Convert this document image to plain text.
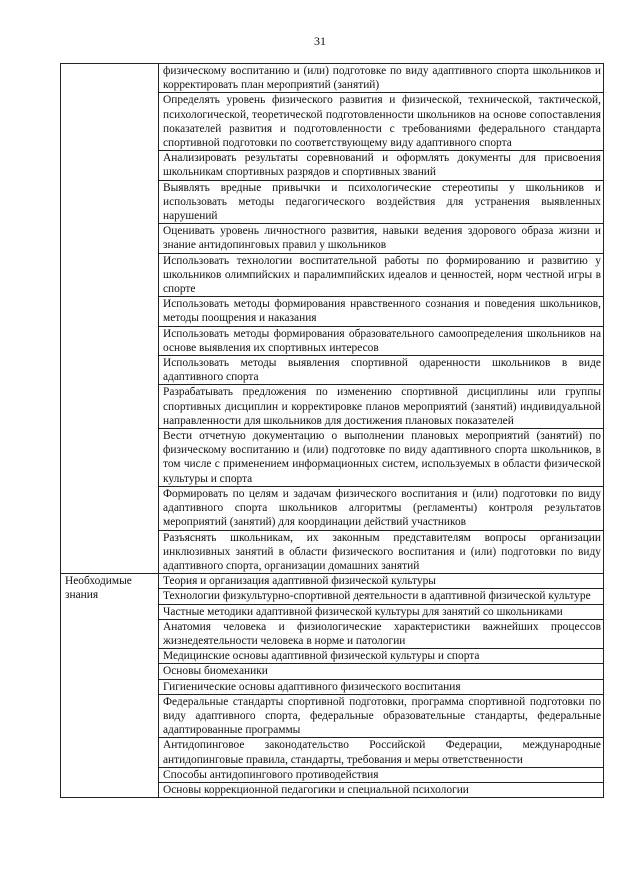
31
	физическому воспитанию и (или) подготовке по виду адаптивного спорта школьников и корректировать план мероприятий (занятий)
	Определять уровень физического развития и физической, технической, тактической, психологической, теоретической подготовленности школьников на основе сопоставления показателей развития и подготовленности с требованиями федерального стандарта спортивной подготовки по соответствующему виду адаптивного спорта
	Анализировать результаты соревнований и оформлять документы для присвоения школьникам спортивных разрядов и спортивных званий
	Выявлять вредные привычки и психологические стереотипы у школьников и использовать методы педагогического воздействия для устранения выявленных нарушений
	Оценивать уровень личностного развития, навыки ведения здорового образа жизни и знание антидопинговых правил у школьников
	Использовать технологии воспитательной работы по формированию и развитию у школьников олимпийских и паралимпийских идеалов и ценностей, норм честной игры в спорте
	Использовать методы формирования нравственного сознания и поведения школьников, методы поощрения и наказания
	Использовать методы формирования образовательного самоопределения школьников на основе выявления их спортивных интересов
	Использовать методы выявления спортивной одаренности школьников в виде адаптивного спорта
	Разрабатывать предложения по изменению спортивной дисциплины или группы спортивных дисциплин и корректировке планов мероприятий (занятий) индивидуальной направленности для школьников для достижения плановых показателей
	Вести отчетную документацию о выполнении плановых мероприятий (занятий) по физическому воспитанию и (или) подготовке по виду адаптивного спорта школьников, в том числе с применением информационных систем, используемых в области физической культуры и спорта
	Формировать по целям и задачам физического воспитания и (или) подготовки по виду адаптивного спорта школьников алгоритмы (регламенты) контроля результатов мероприятий (занятий) для координации действий участников
	Разъяснять школьникам, их законным представителям вопросы организации инклюзивных занятий в области физического воспитания и (или) подготовки по виду адаптивного спорта, организации домашних занятий
Необходимые знания	Теория и организация адаптивной физической культуры
	Технологии физкультурно-спортивной деятельности в адаптивной физической культуре
	Частные методики адаптивной физической культуры для занятий со школьниками
	Анатомия человека и физиологические характеристики важнейших процессов жизнедеятельности человека в норме и патологии
	Медицинские основы адаптивной физической культуры и спорта
	Основы биомеханики
	Гигиенические основы адаптивного физического воспитания
	Федеральные стандарты спортивной подготовки, программа спортивной подготовки по виду адаптивного спорта, федеральные образовательные стандарты, федеральные адаптированные программы
	Антидопинговое законодательство Российской Федерации, международные антидопинговые правила, стандарты, требования и меры ответственности
	Способы антидопингового противодействия
	Основы коррекционной педагогики и специальной психологии
